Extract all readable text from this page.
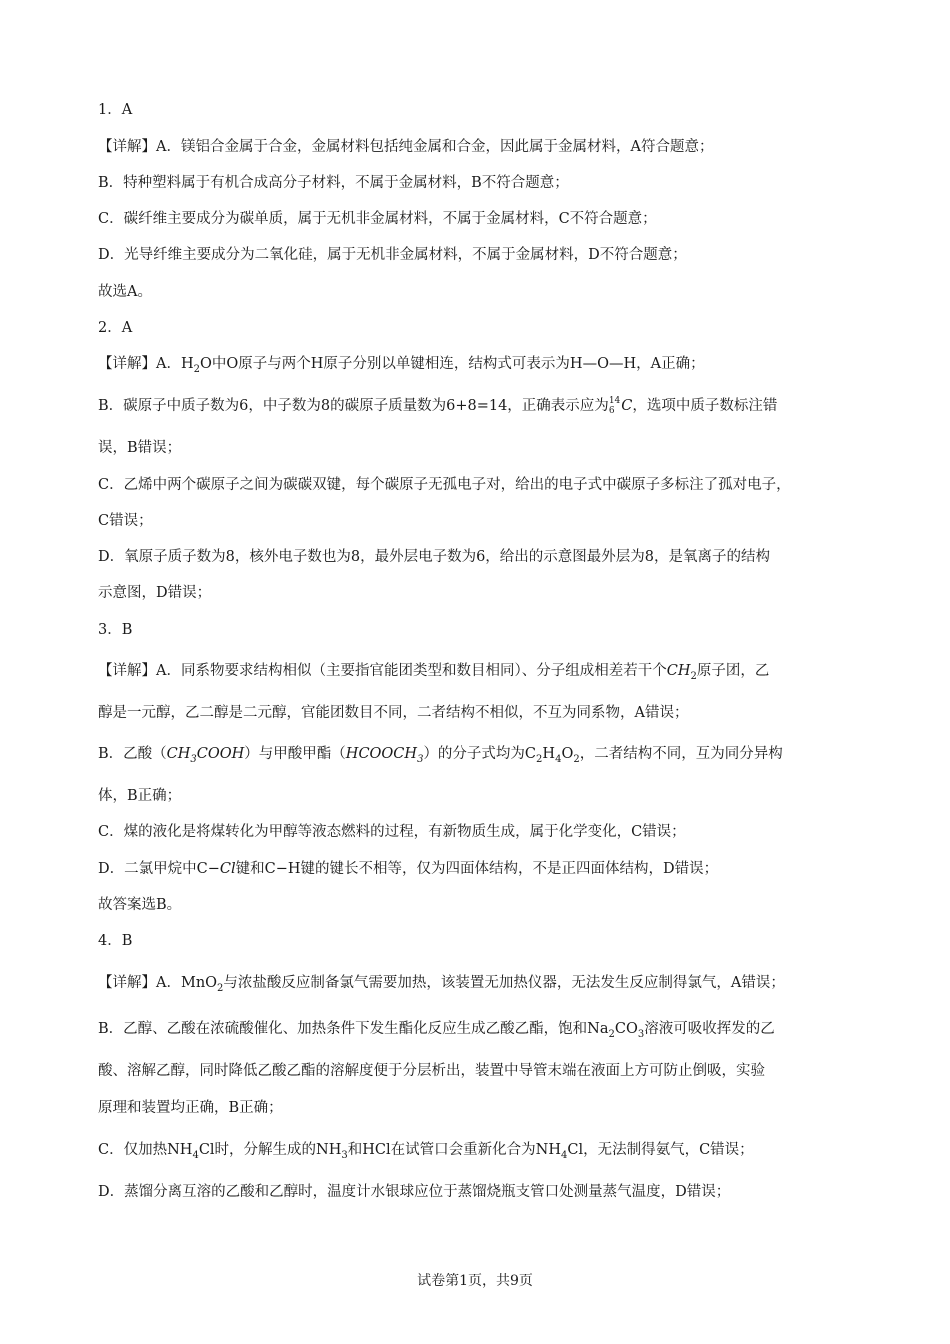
1．A
【详解】A．镁铝合金属于合金，金属材料包括纯金属和合金，因此属于金属材料，A符合题意；
B．特种塑料属于有机合成高分子材料，不属于金属材料，B不符合题意；
C．碳纤维主要成分为碳单质，属于无机非金属材料，不属于金属材料，C不符合题意；
D．光导纤维主要成分为二氧化硅，属于无机非金属材料，不属于金属材料，D不符合题意；
故选A。
2．A
【详解】A．$H_2O$中O原子与两个H原子分别以单键相连，结构式可表示为H—O—H，A正确；
B．碳原子中质子数为6，中子数为8的碳原子质量数为6+8=14，正确表示应为 14
6 C，选项中质子数标注错
误，B错误；
C．乙烯中两个碳原子之间为碳碳双键，每个碳原子无孤电子对，给出的电子式中碳原子多标注了孤对电子，
C错误；
D．氧原子质子数为8，核外电子数也为8，最外层电子数为6，给出的示意图最外层为8，是氧离子的结构
示意图，D错误；
3．B
【详解】A．同系物要求结构相似（主要指官能团类型和数目相同）、分子组成相差若干个$CH_2$原子团，乙
醇是一元醇，乙二醇是二元醇，官能团数目不同，二者结构不相似，不互为同系物，A错误；
B．乙酸$(CH_3COOH)$与甲酸甲酯$(HCOOCH_3)$的分子式均为$C_2H_4O_2$，二者结构不同，互为同分异构
体，B正确；
C．煤的液化是将煤转化为甲醇等液态燃料的过程，有新物质生成，属于化学变化，C错误；
D．二氯甲烷中C−Cl键和C−H键的键长不相等，仅为四面体结构，不是正四面体结构，D错误；
故答案选B。
4．B
【详解】A．MnO$_2$与浓盐酸反应制备氯气需要加热，该装置无加热仪器，无法发生反应制得氯气，A错误；
B．乙醇、乙酸在浓硫酸催化、加热条件下发生酯化反应生成乙酸乙酯，饱和$Na_2CO_3$溶液可吸收挥发的乙
酸、溶解乙醇，同时降低乙酸乙酯的溶解度便于分层析出，装置中导管末端在液面上方可防止倒吸，实验
原理和装置均正确，B正确；
C．仅加热$NH_4Cl$时，分解生成的$NH_3$和HCl在试管口会重新化合为$NH_4Cl$，无法制得氨气，C错误；
D．蒸馏分离互溶的乙酸和乙醇时，温度计水银球应位于蒸馏烧瓶支管口处测量蒸气温度，D错误；
试卷第1页，共9页
